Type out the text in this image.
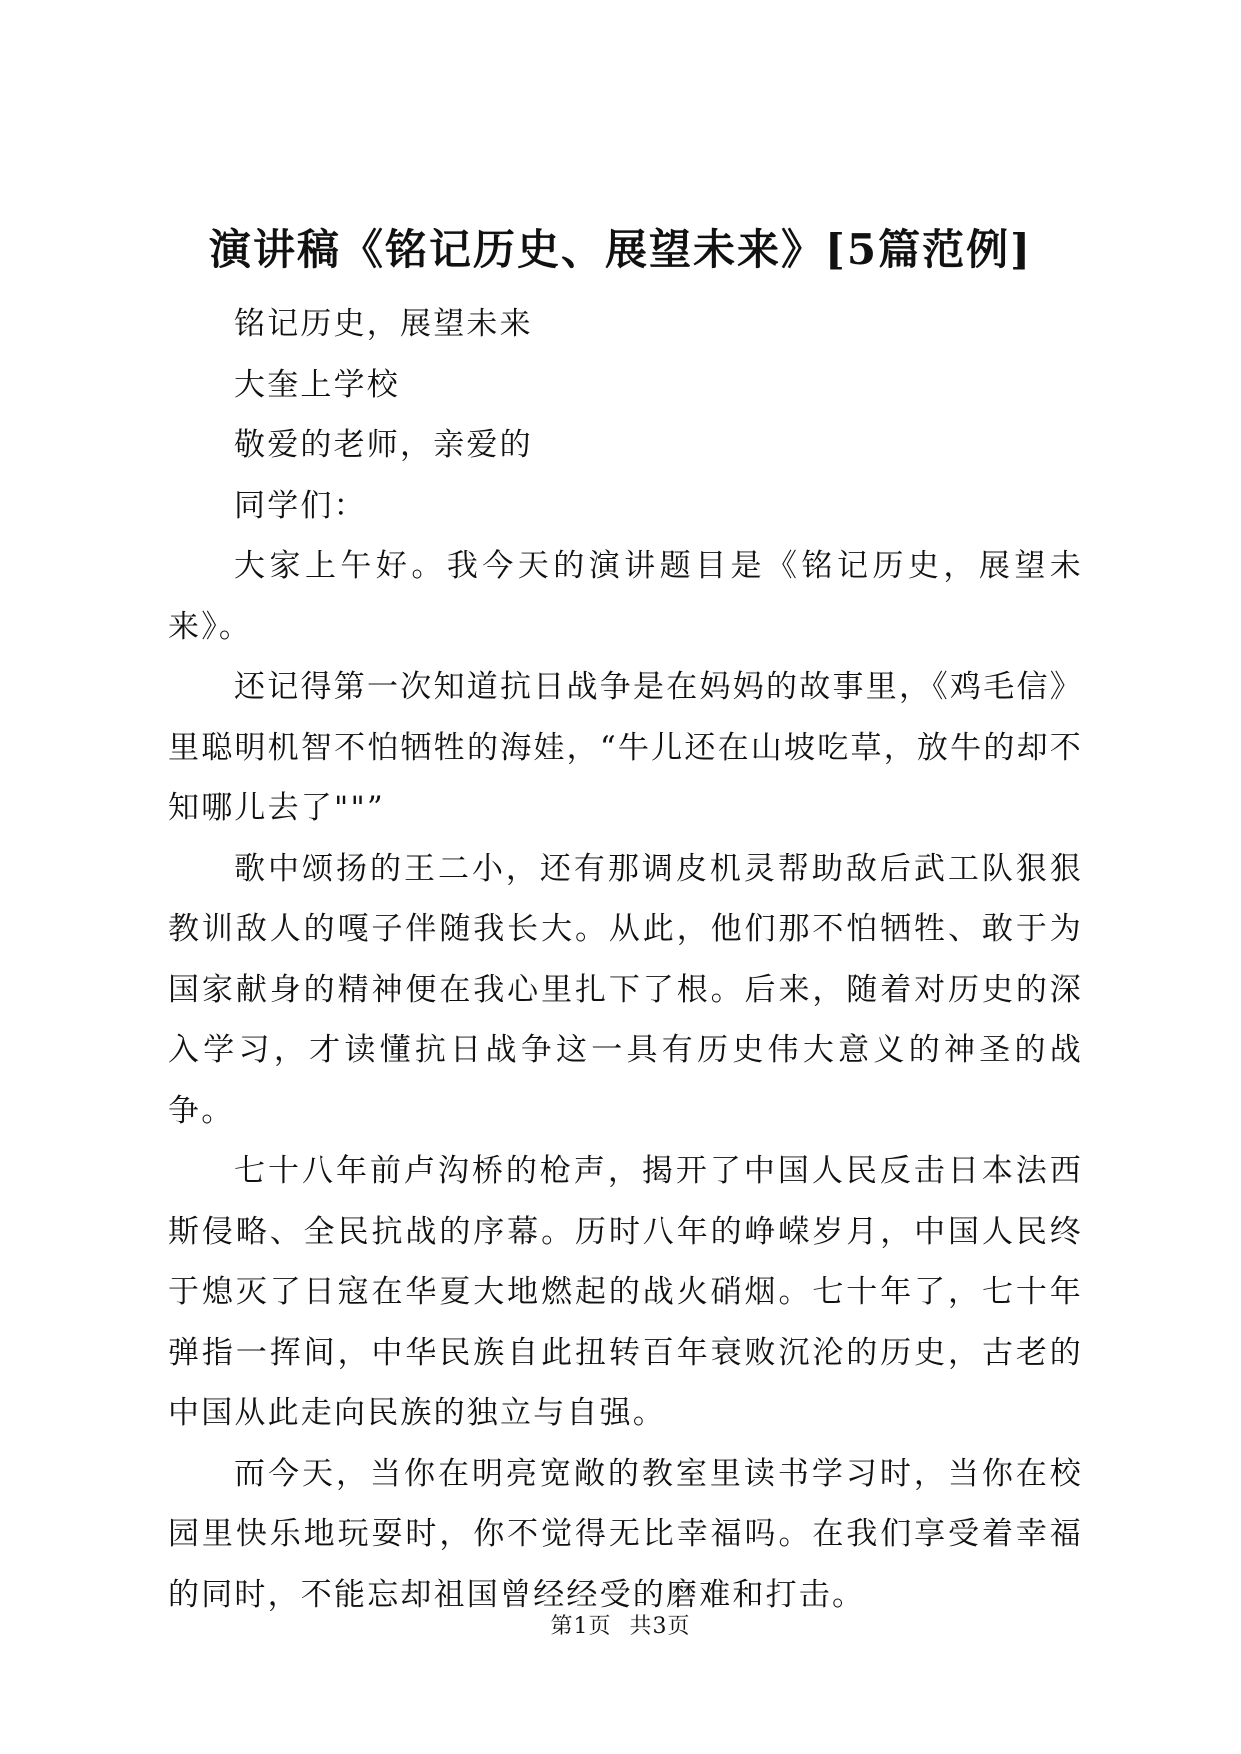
演讲稿《铭记历史、展望未来》[5篇范例]

铭记历史，展望未来

大奎上学校

敬爱的老师，亲爱的

同学们：

大家上午好。我今天的演讲题目是《铭记历史，展望未来》。

还记得第一次知道抗日战争是在妈妈的故事里，《鸡毛信》里聪明机智不怕牺牲的海娃，“牛儿还在山坡吃草，放牛的却不知哪儿去了""”

歌中颂扬的王二小，还有那调皮机灵帮助敌后武工队狠狠教训敌人的嘎子伴随我长大。从此，他们那不怕牺牲、敢于为国家献身的精神便在我心里扎下了根。后来，随着对历史的深入学习，才读懂抗日战争这一具有历史伟大意义的神圣的战争。

七十八年前卢沟桥的枪声，揭开了中国人民反击日本法西斯侵略、全民抗战的序幕。历时八年的峥嵘岁月，中国人民终于熄灭了日寇在华夏大地燃起的战火硝烟。七十年了，七十年弹指一挥间，中华民族自此扭转百年衰败沉沦的历史，古老的中国从此走向民族的独立与自强。

而今天，当你在明亮宽敞的教室里读书学习时，当你在校园里快乐地玩耍时，你不觉得无比幸福吗。在我们享受着幸福的同时，不能忘却祖国曾经经受的磨难和打击。

第1页 共3页
